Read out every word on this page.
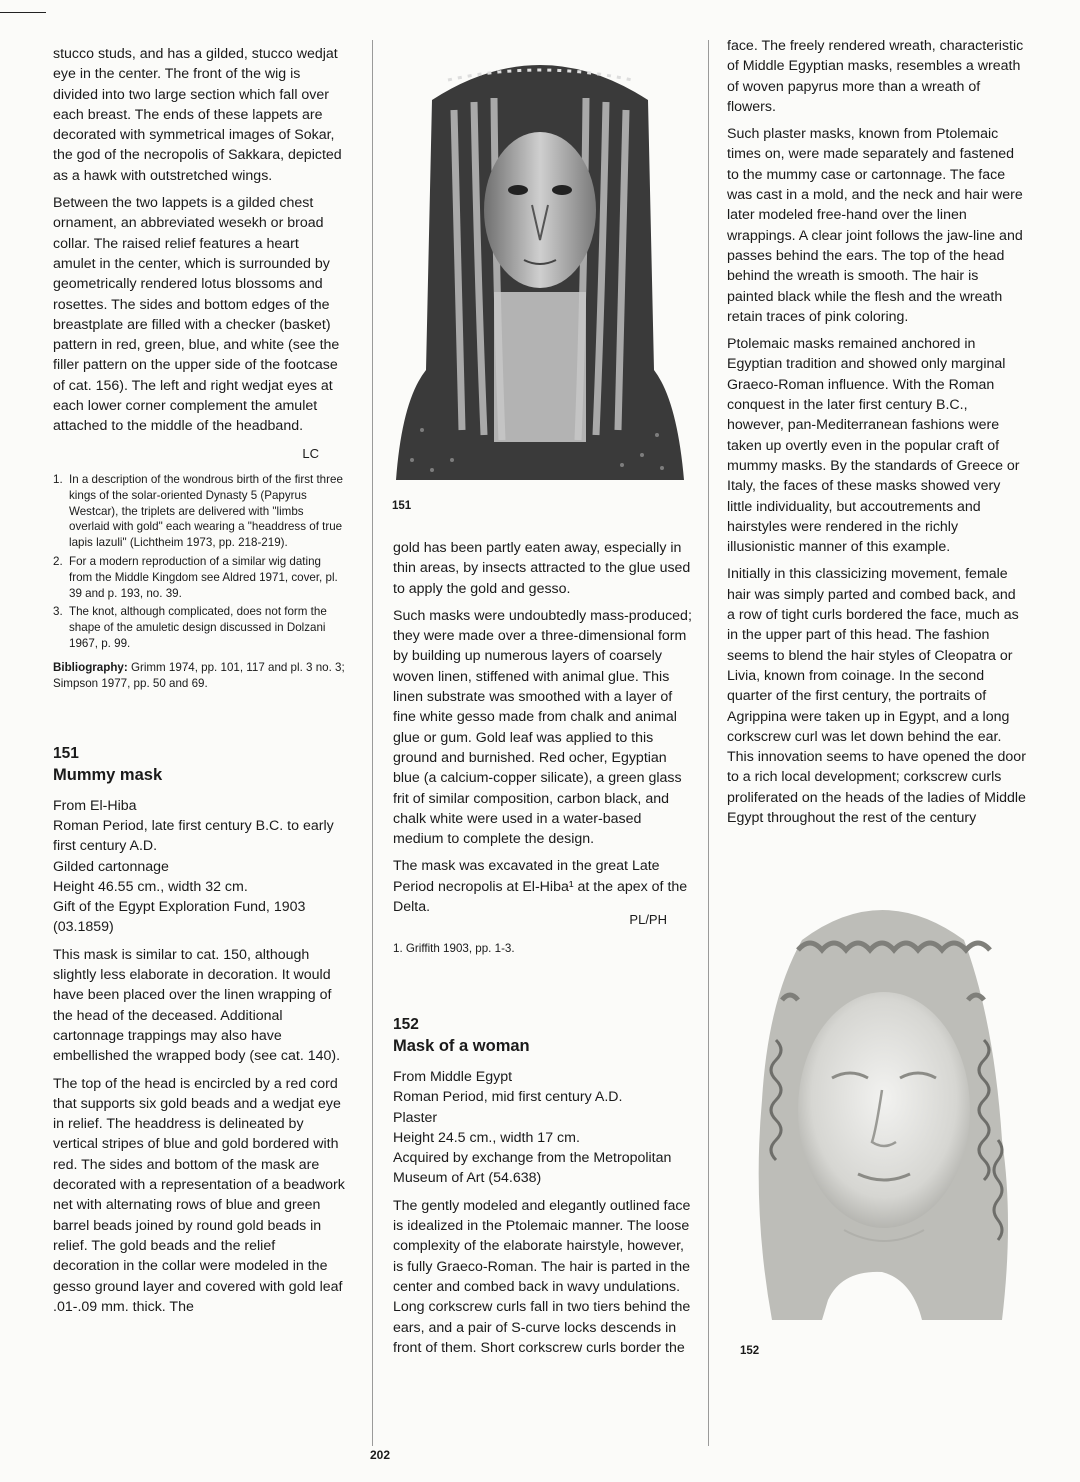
stucco studs, and has a gilded, stucco wedjat eye in the center. The front of the wig is divided into two large section which fall over each breast. The ends of these lappets are decorated with symmetrical images of Sokar, the god of the necropolis of Sakkara, depicted as a hawk with outstretched wings.

Between the two lappets is a gilded chest ornament, an abbreviated wesekh or broad collar. The raised relief features a heart amulet in the center, which is surrounded by geometrically rendered lotus blossoms and rosettes. The sides and bottom edges of the breastplate are filled with a checker (basket) pattern in red, green, blue, and white (see the filler pattern on the upper side of the footcase of cat. 156). The left and right wedjat eyes at each lower corner complement the amulet attached to the middle of the headband.

LC
1. In a description of the wondrous birth of the first three kings of the solar-oriented Dynasty 5 (Papyrus Westcar), the triplets are delivered with "limbs overlaid with gold" each wearing a "headdress of true lapis lazuli" (Lichtheim 1973, pp. 218-219).
2. For a modern reproduction of a similar wig dating from the Middle Kingdom see Aldred 1971, cover, pl. 39 and p. 193, no. 39.
3. The knot, although complicated, does not form the shape of the amuletic design discussed in Dolzani 1967, p. 99.
Bibliography: Grimm 1974, pp. 101, 117 and pl. 3 no. 3; Simpson 1977, pp. 50 and 69.
151
Mummy mask
From El-Hiba
Roman Period, late first century B.C. to early first century A.D.
Gilded cartonnage
Height 46.55 cm., width 32 cm.
Gift of the Egypt Exploration Fund, 1903 (03.1859)

This mask is similar to cat. 150, although slightly less elaborate in decoration. It would have been placed over the linen wrapping of the head of the deceased. Additional cartonnage trappings may also have embellished the wrapped body (see cat. 140).

The top of the head is encircled by a red cord that supports six gold beads and a wedjat eye in relief. The headdress is delineated by vertical stripes of blue and gold bordered with red. The sides and bottom of the mask are decorated with a representation of a beadwork net with alternating rows of blue and green barrel beads joined by round gold beads in relief. The gold beads and the relief decoration in the collar were modeled in the gesso ground layer and covered with gold leaf .01-.09 mm. thick. The

151

gold has been partly eaten away, especially in thin areas, by insects attracted to the glue used to apply the gold and gesso.

Such masks were undoubtedly mass-produced; they were made over a three-dimensional form by building up numerous layers of coarsely woven linen, stiffened with animal glue. This linen substrate was smoothed with a layer of fine white gesso made from chalk and animal glue or gum. Gold leaf was applied to this ground and burnished. Red ocher, Egyptian blue (a calcium-copper silicate), a green glass frit of similar composition, carbon black, and chalk white were used in a water-based medium to complete the design.

The mask was excavated in the great Late Period necropolis at El-Hiba¹ at the apex of the Delta.

PL/PH
1. Griffith 1903, pp. 1-3.
152
Mask of a woman
From Middle Egypt
Roman Period, mid first century A.D.
Plaster
Height 24.5 cm., width 17 cm.
Acquired by exchange from the Metropolitan Museum of Art (54.638)

The gently modeled and elegantly outlined face is idealized in the Ptolemaic manner. The loose complexity of the elaborate hairstyle, however, is fully Graeco-Roman. The hair is parted in the center and combed back in wavy undulations. Long corkscrew curls fall in two tiers behind the ears, and a pair of S-curve locks descends in front of them. Short corkscrew curls border the

face. The freely rendered wreath, characteristic of Middle Egyptian masks, resembles a wreath of woven papyrus more than a wreath of flowers.

Such plaster masks, known from Ptolemaic times on, were made separately and fastened to the mummy case or cartonnage. The face was cast in a mold, and the neck and hair were later modeled free-hand over the linen wrappings. A clear joint follows the jaw-line and passes behind the ears. The top of the head behind the wreath is smooth. The hair is painted black while the flesh and the wreath retain traces of pink coloring.

Ptolemaic masks remained anchored in Egyptian tradition and showed only marginal Graeco-Roman influence. With the Roman conquest in the later first century B.C., however, pan-Mediterranean fashions were taken up overtly even in the popular craft of mummy masks. By the standards of Greece or Italy, the faces of these masks showed very little individuality, but accoutrements and hairstyles were rendered in the richly illusionistic manner of this example.

Initially in this classicizing movement, female hair was simply parted and combed back, and a row of tight curls bordered the face, much as in the upper part of this head. The fashion seems to blend the hair styles of Cleopatra or Livia, known from coinage. In the second quarter of the first century, the portraits of Agrippina were taken up in Egypt, and a long corkscrew curl was let down behind the ear. This innovation seems to have opened the door to a rich local development; corkscrew curls proliferated on the heads of the ladies of Middle Egypt throughout the rest of the century

152
202
